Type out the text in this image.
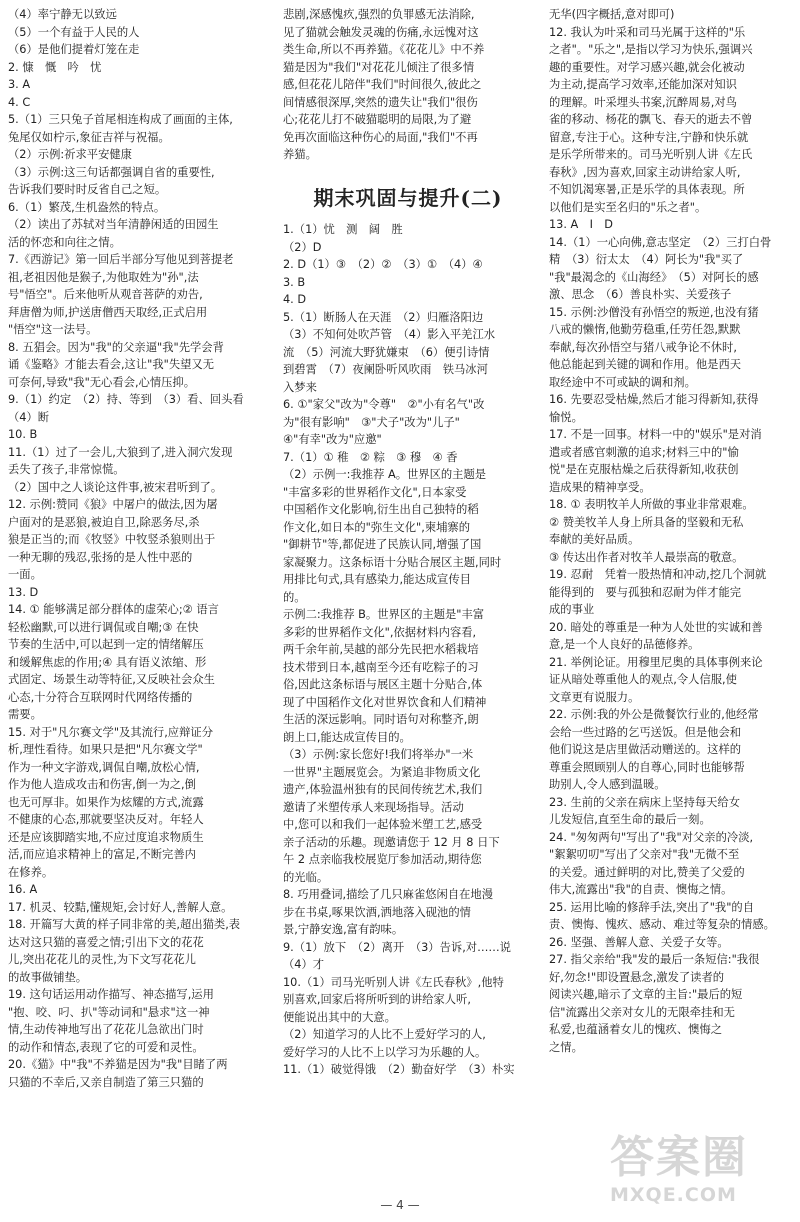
（4）率宁静无以致远

（5）一个有益于人民的人

（6）是他们提着灯笼在走

2. 慷　慨　吟　忧

3. A

4. C

5.（1）三只兔子首尾相连构成了画面的主体,

兔尾仅如柠示,象征吉祥与祝福。

（2）示例:祈求平安健康

（3）示例:这三句话都强调自省的重要性,

告诉我们要时时反省自己之短。

6.（1）繁茂,生机盎然的特点。

（2）读出了苏轼对当年清静闲适的田园生

活的怀恋和向往之情。

7.《西游记》第一回后半部分写他见到菩提老

祖,老祖因他是猴子,为他取姓为"孙",法

号"悟空"。后来他听从观音菩萨的劝告,

拜唐僧为师,护送唐僧西天取经,正式启用

"悟空"这一法号。

8. 五猖会。因为"我"的父亲逼"我"先学会背

诵《鉴略》才能去看会,这让"我"失望又无

可奈何,导致"我"无心看会,心情压抑。

9.（1）约定　（2）持、等到　（3）看、回头看

（4）断

10. B

11.（1）过了一会儿,大狼到了,进入洞穴发现

丢失了孩子,非常惊慌。

（2）国中之人谈论这件事,被宋君听到了。

12. 示例:赞同《狼》中屠户的做法,因为屠

户面对的是恶狼,被迫自卫,除恶务尽,杀

狼是正当的;而《牧竖》中牧竖杀狼则出于

一种无聊的残忍,张扬的是人性中恶的

一面。

13. D

14. ① 能够满足部分群体的虚荣心;② 语言

轻松幽默,可以进行调侃或自嘲;③ 在快

节奏的生活中,可以起到一定的情绪解压

和缓解焦虑的作用;④ 具有语义浓缩、形

式固定、场景生动等特征,又反映社会众生

心态,十分符合互联网时代网络传播的

需要。

15. 对于"凡尔赛文学"及其流行,应辩证分

析,理性看待。如果只是把"凡尔赛文学"

作为一种文字游戏,调侃自嘲,放松心情,

作为他人造成攻击和伤害,倒一为之,倒

也无可厚非。如果作为炫耀的方式,流露

不健康的心态,那就要坚决反对。年轻人

还是应该脚踏实地,不应过度追求物质生

活,而应追求精神上的富足,不断完善内

在修养。

16. A

17. 机灵、较黠,懂规矩,会讨好人,善解人意。

18. 开篇写大黄的样子同非常的美,超出猫类,表

达对这只猫的喜爱之情;引出下文的花花

儿,突出花花儿的灵性,为下文写花花儿

的故事做铺垫。

19. 这句话运用动作描写、神态描写,运用

"抱、咬、叼、扒"等动词和"悬求"这一神

情,生动传神地写出了花花儿急欲出门时

的动作和情态,表现了它的可爱和灵性。

20.《猫》中"我"不养猫是因为"我"目睹了两

只猫的不幸后,又亲自制造了第三只猫的

悲剧,深感愧疚,强烈的负罪感无法消除,

见了猫就会触发灵魂的伤痛,永远愧对这

类生命,所以不再养猫。《花花儿》中不养

猫是因为"我们"对花花儿倾注了很多情

感,但花花儿陪伴"我们"时间很久,彼此之

间情感很深厚,突然的遗失让"我们"很伤

心;花花儿打不破猫聪明的局限,为了避

免再次面临这种伤心的局面,"我们"不再

养猫。

期末巩固与提升(二)

1.（1）忧　测　阔　胜

（2）D

2. D（1）③　（2）②　（3）①　（4）④

3. B

4. D

5.（1）断肠人在天涯　（2）归雁洛阳边

（3）不知何处吹芦管　（4）影入平羌江水

流　（5）河流大野犹嫌束　（6）便引诗情

到碧霄　（7）夜阑卧听风吹雨　铁马冰河

入梦来

6. ①"家父"改为"令尊"　②"小有名气"改

为"很有影响"　③"犬子"改为"儿子"

④"有幸"改为"应邀"

7.（1）① 稚　② 粽　③ 穆　④ 香

（2）示例一:我推荐 A。世界区的主题是

"丰富多彩的世界稻作文化",日本家受

中国稻作文化影响,衍生出自己独特的稻

作文化,如日本的"弥生文化",柬埔寨的

"御耕节"等,都促进了民族认同,增强了国

家凝聚力。这条标语十分贴合展区主题,同时

用排比句式,具有感染力,能达成宣传目

的。

示例二:我推荐 B。世界区的主题是"丰富

多彩的世界稻作文化",依据材料内容看,

两千余年前,吴越的部分先民把水稻栽培

技术带到日本,越南至今还有吃粽子的习

俗,因此这条标语与展区主题十分贴合,体

现了中国稻作文化对世界饮食和人们精神

生活的深远影响。同时语句对称整齐,朗

朗上口,能达成宣传目的。

（3）示例:家长您好!我们将举办"一米

一世界"主题展览会。为紧追非物质文化

遗产,体验温州独有的民间传统艺术,我们

邀请了米塑传承人来现场指导。活动

中,您可以和我们一起体验米塑工艺,感受

亲子活动的乐趣。现邀请您于 12 月 8 日下

午 2 点亲临我校展览厅参加活动,期待您

的光临。

8. 巧用叠词,描绘了几只麻雀悠闲自在地漫

步在书桌,啄果饮酒,洒地落入砚池的情

景,宁静安逸,富有韵味。

9.（1）放下　（2）离开　（3）告诉,对……说

（4）才

10.（1）司马光听别人讲《左氏春秋》,他特

别喜欢,回家后将所听到的讲给家人听,

便能说出其中的大意。

（2）知道学习的人比不上爱好学习的人,

爱好学习的人比不上以学习为乐趣的人。

11.（1）破觉得饿　（2）勤奋好学　（3）朴实

无华(四字概括,意对即可)

12. 我认为叶采和司马光属于这样的"乐

之者"。"乐之",是指以学习为快乐,强调兴

趣的重要性。对学习感兴趣,就会化被动

为主动,提高学习效率,还能加深对知识

的理解。叶采埋头书案,沉醉周易,对鸟

雀的移动、杨花的飘飞、春天的逝去不曾

留意,专注于心。这种专注,宁静和快乐就

是乐学所带来的。司马光听别人讲《左氏

春秋》,因为喜欢,回家主动讲给家人听,

不知饥渴寒暑,正是乐学的具体表现。所

以他们是实至名归的"乐之者"。

13. A　I　D

14.（1）一心向佛,意志坚定　（2）三打白骨

精　（3）衍太太　（4）阿长为"我"买了

"我"最渴念的《山海经》　（5）对阿长的感

激、思念　（6）善良朴实、关爱孩子

15. 示例:沙僧没有孙悟空的叛逆,也没有猪

八戒的懒惰,他勤劳稳重,任劳任怨,默默

奉献,每次孙悟空与猪八戒争论不休时,

他总能起到关键的调和作用。他是西天

取经途中不可或缺的调和剂。

16. 先要忍受枯燥,然后才能习得新知,获得

愉悦。

17. 不是一回事。材料一中的"娱乐"是对消

遣或者感官刺激的追求;材料三中的"愉

悦"是在克服枯燥之后获得新知,收获创

造成果的精神享受。

18. ① 表明牧羊人所做的事业非常艰难。

② 赞美牧羊人身上所具备的坚毅和无私

奉献的美好品质。

③ 传达出作者对牧羊人最崇高的敬意。

19. 忍耐　凭着一股热情和冲动,挖几个洞就

能得到的　要与孤独和忍耐为伴才能完

成的事业

20. 暗处的尊重是一种为人处世的实诚和善

意,是一个人良好的品德修养。

21. 举例论证。用穆里尼奥的具体事例来论

证从暗处尊重他人的观点,令人信服,使

文章更有说服力。

22. 示例:我的外公是微餐饮行业的,他经常

会给一些过路的乞丐送饭。但是他会和

他们说这是店里做活动赠送的。这样的

尊重会照顾别人的自尊心,同时也能够帮

助别人,令人感到温暖。

23. 生前的父亲在病床上坚持每天给女

儿发短信,直至生命的最后一刻。

24. "匆匆两句"写出了"我"对父亲的冷淡,

"絮絮叨叨"写出了父亲对"我"无微不至

的关爱。通过鲜明的对比,赞美了父爱的

伟大,流露出"我"的自责、懊悔之情。

25. 运用比喻的修辞手法,突出了"我"的自

责、懊悔、愧疚、感动、难过等复杂的情感。

26. 坚强、善解人意、关爱子女等。

27. 指父亲给"我"发的最后一条短信:"我很

好,勿念!"即设置悬念,激发了读者的

阅读兴趣,暗示了文章的主旨:"最后的短

信"流露出父亲对女儿的无限牵挂和无

私爱,也蕴涵着女儿的愧疚、懊悔之

之情。

— 4 —
答案圈
MXQE.COM
